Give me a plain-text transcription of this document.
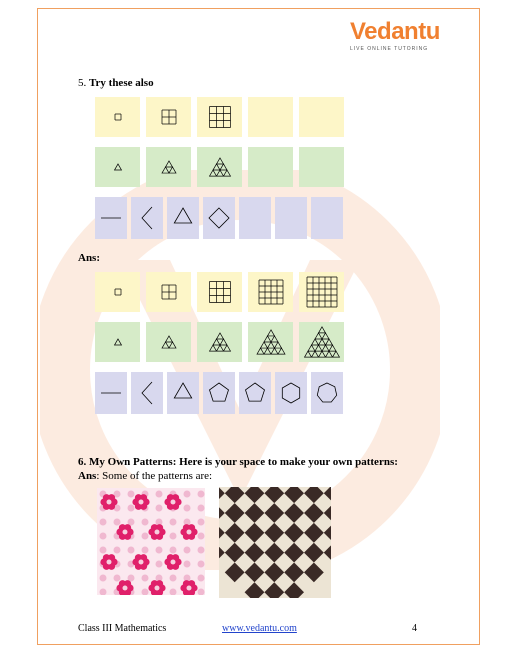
Vedantu
LIVE ONLINE TUTORING
5. Try these also
Ans:
6. My Own Patterns: Here is your space to make your own patterns:
Ans: Some of the patterns are:
Class III Mathematics	www.vedantu.com	4
